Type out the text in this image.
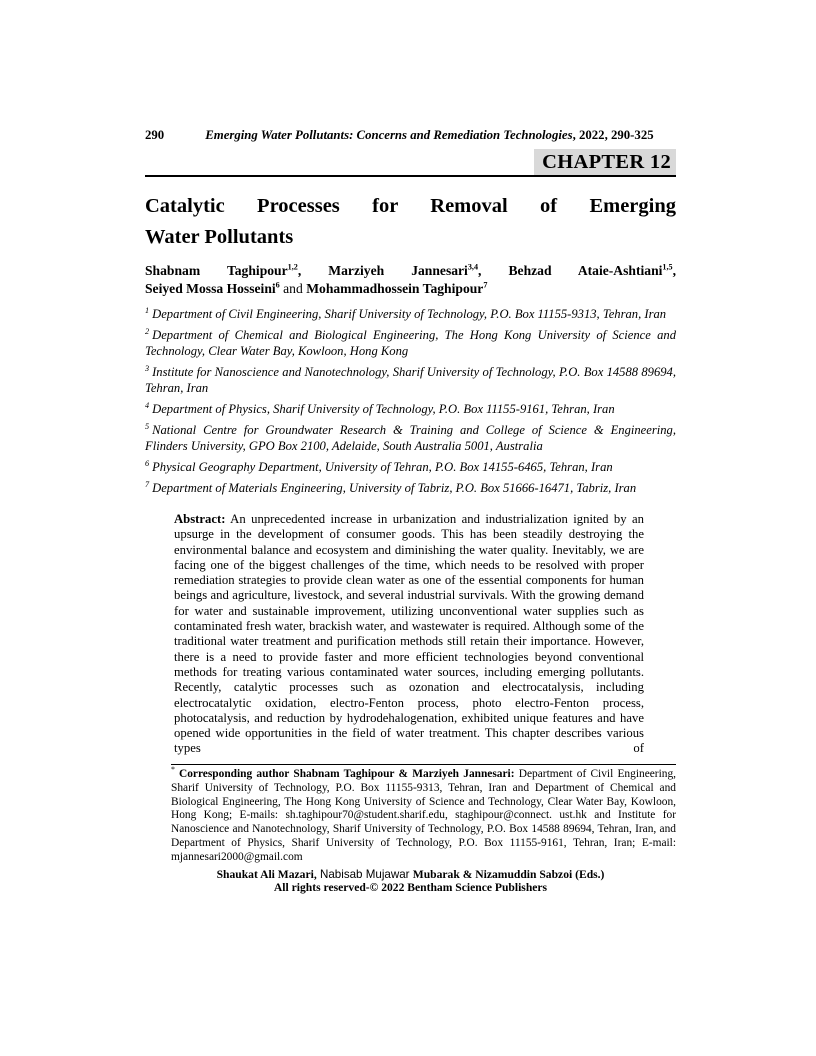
290	Emerging Water Pollutants: Concerns and Remediation Technologies, 2022, 290-325
CHAPTER 12
Catalytic Processes for Removal of Emerging
Water Pollutants
Shabnam Taghipour$^{1,2}$, Marziyeh Jannesari$^{3,4}$, Behzad Ataie-Ashtiani$^{1,5}$,
Seiyed Mossa Hosseini$^6$ and Mohammadhossein Taghipour$^7$

$^1$ Department of Civil Engineering, Sharif University of Technology, P.O. Box 11155-9313, Tehran, Iran

$^2$ Department of Chemical and Biological Engineering, The Hong Kong University of Science and Technology, Clear Water Bay, Kowloon, Hong Kong

$^3$ Institute for Nanoscience and Nanotechnology, Sharif University of Technology, P.O. Box 14588 89694, Tehran, Iran

$^4$ Department of Physics, Sharif University of Technology, P.O. Box 11155-9161, Tehran, Iran

$^5$ National Centre for Groundwater Research & Training and College of Science & Engineering, Flinders University, GPO Box 2100, Adelaide, South Australia 5001, Australia

$^6$ Physical Geography Department, University of Tehran, P.O. Box 14155-6465, Tehran, Iran

$^7$ Department of Materials Engineering, University of Tabriz, P.O. Box 51666-16471, Tabriz, Iran

Abstract: An unprecedented increase in urbanization and industrialization ignited by an upsurge in the development of consumer goods. This has been steadily destroying the environmental balance and ecosystem and diminishing the water quality. Inevitably, we are facing one of the biggest challenges of the time, which needs to be resolved with proper remediation strategies to provide clean water as one of the essential components for human beings and agriculture, livestock, and several industrial survivals. With the growing demand for water and sustainable improvement, utilizing unconventional water supplies such as contaminated fresh water, brackish water, and wastewater is required. Although some of the traditional water treatment and purification methods still retain their importance. However, there is a need to provide faster and more efficient technologies beyond conventional methods for treating various contaminated water sources, including emerging pollutants. Recently, catalytic processes such as ozonation and electrocatalysis, including electrocatalytic oxidation, electro-Fenton process, photo electro-Fenton process, photocatalysis, and reduction by hydrodehalogenation, exhibited unique features and have opened wide opportunities in the field of water treatment. This chapter describes various types of

* Corresponding author Shabnam Taghipour & Marziyeh Jannesari: Department of Civil Engineering, Sharif University of Technology, P.O. Box 11155-9313, Tehran, Iran and Department of Chemical and Biological Engineering, The Hong Kong University of Science and Technology, Clear Water Bay, Kowloon, Hong Kong; E-mails: sh.taghipour70@student.sharif.edu, staghipour@connect. ust.hk and Institute for Nanoscience and Nanotechnology, Sharif University of Technology, P.O. Box 14588 89694, Tehran, Iran, and Department of Physics, Sharif University of Technology, P.O. Box 11155-9161, Tehran, Iran; E-mail: mjannesari2000@gmail.com
Shaukat Ali Mazari, Nabisab Mujawar Mubarak & Nizamuddin Sabzoi (Eds.)
All rights reserved-© 2022 Bentham Science Publishers
